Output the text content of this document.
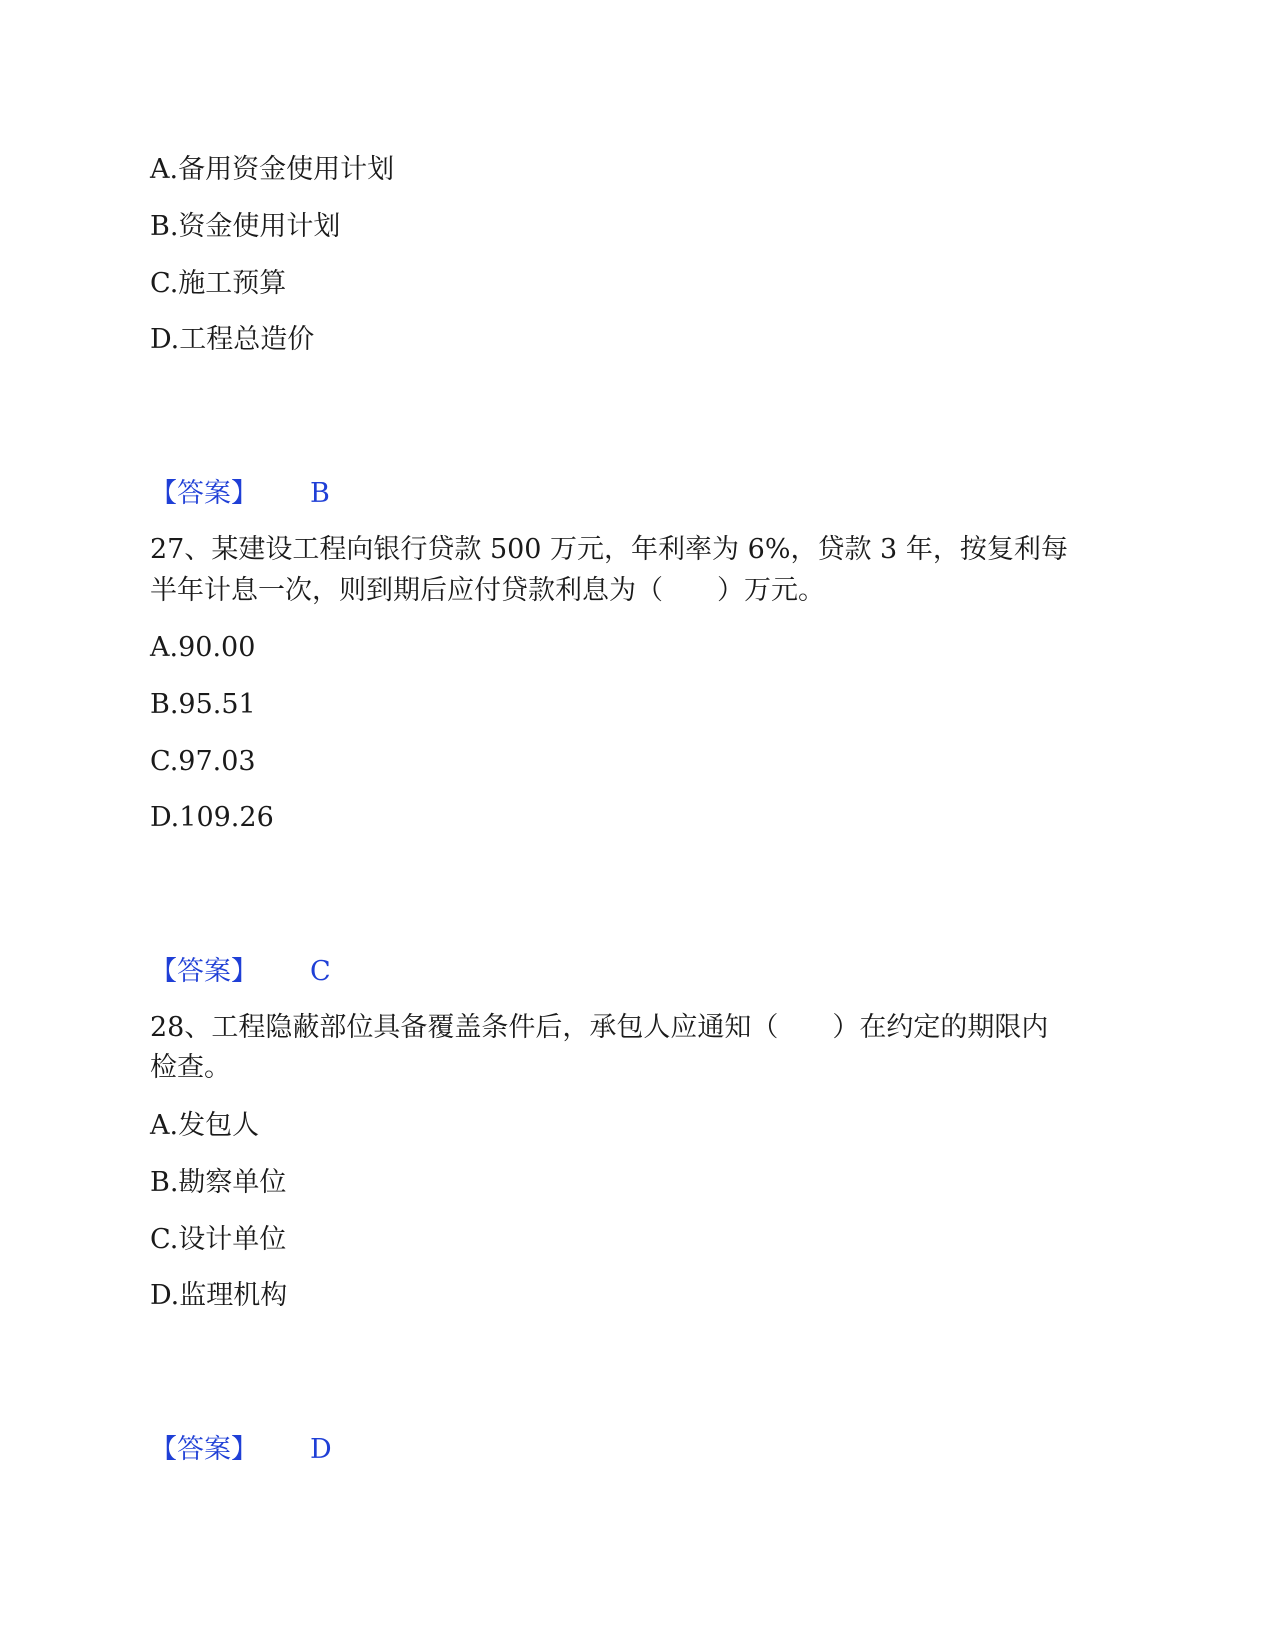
A.备用资金使用计划
B.资金使用计划
C.施工预算
D.工程总造价
【答案】 B
27、某建设工程向银行贷款 500 万元，年利率为 6%，贷款 3 年，按复利每
半年计息一次，则到期后应付贷款利息为（　　）万元。
A.90.00
B.95.51
C.97.03
D.109.26
【答案】 C
28、工程隐蔽部位具备覆盖条件后，承包人应通知（　　）在约定的期限内
检查。
A.发包人
B.勘察单位
C.设计单位
D.监理机构
【答案】 D
